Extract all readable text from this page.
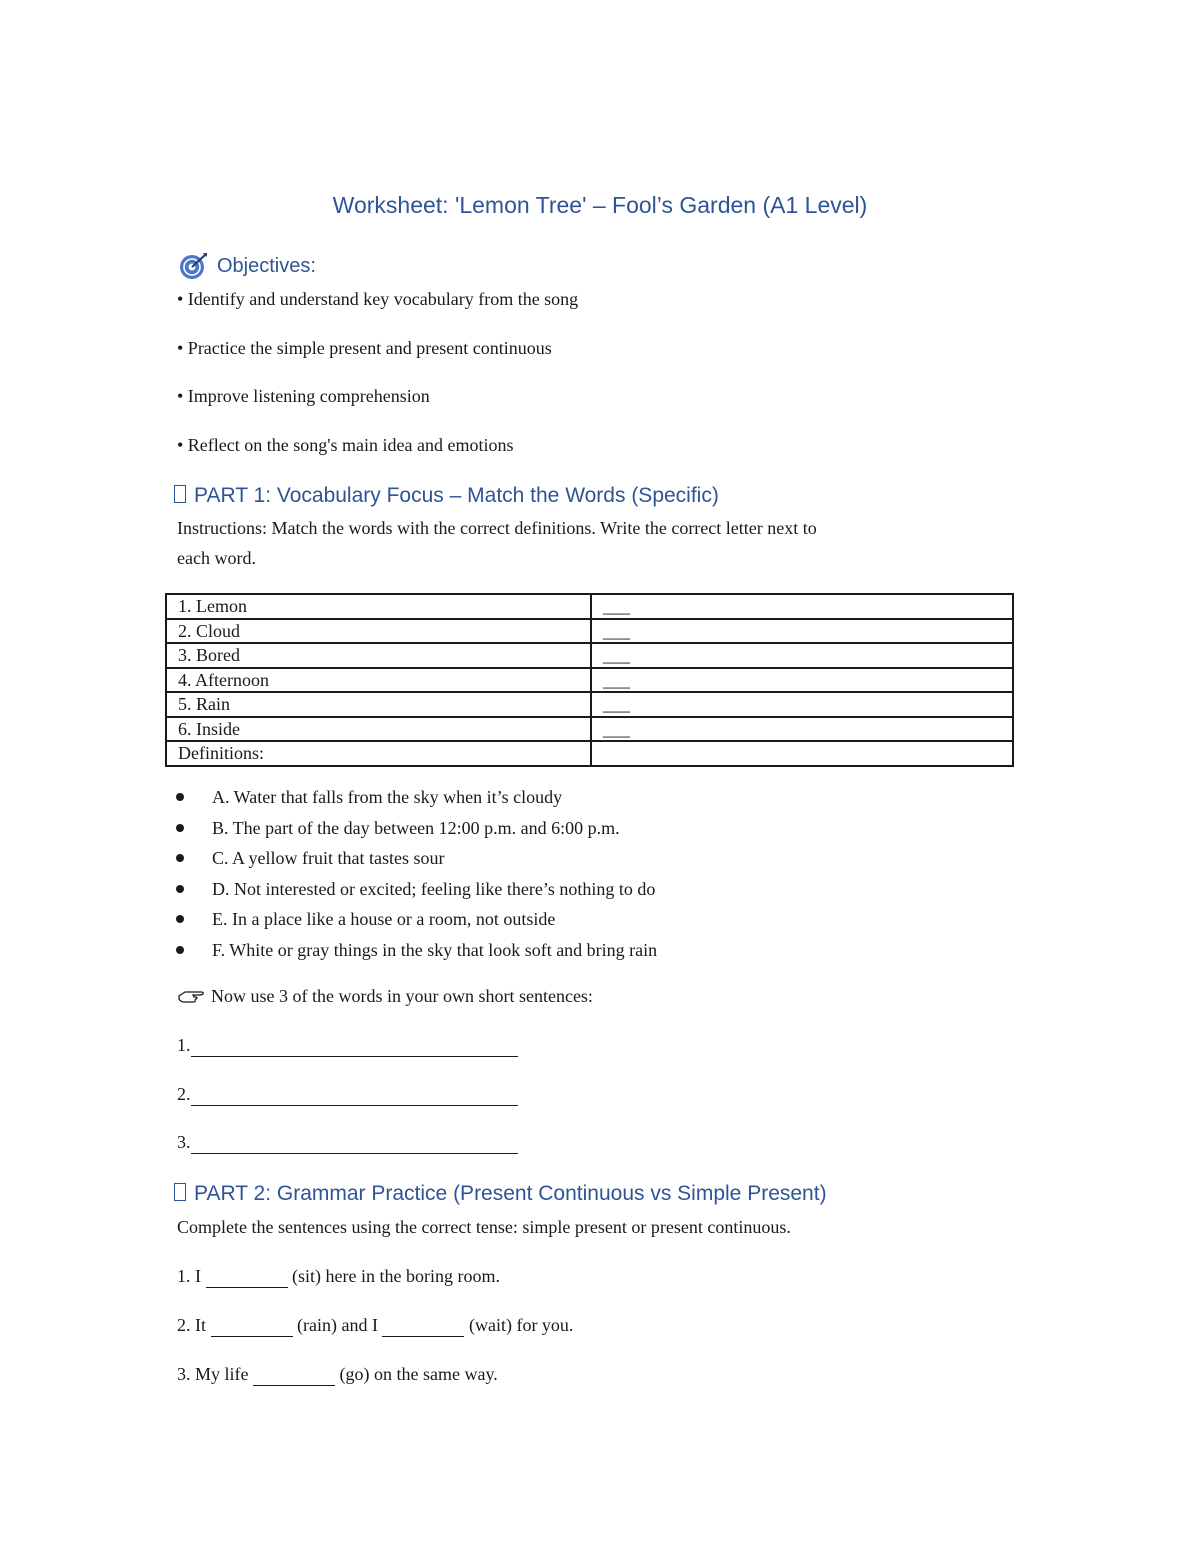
Worksheet: 'Lemon Tree' – Fool’s Garden (A1 Level)
Objectives:
• Identify and understand key vocabulary from the song
• Practice the simple present and present continuous
• Improve listening comprehension
• Reflect on the song's main idea and emotions
PART 1: Vocabulary Focus – Match the Words (Specific)
Instructions: Match the words with the correct definitions. Write the correct letter next to
each word.
1. Lemon	___
2. Cloud	___
3. Bored	___
4. Afternoon	___
5. Rain	___
6. Inside	___
Definitions:	
A. Water that falls from the sky when it’s cloudy
B. The part of the day between 12:00 p.m. and 6:00 p.m.
C. A yellow fruit that tastes sour
D. Not interested or excited; feeling like there’s nothing to do
E. In a place like a house or a room, not outside
F. White or gray things in the sky that look soft and bring rain
Now use 3 of the words in your own short sentences:
1.
2.
3.
PART 2: Grammar Practice (Present Continuous vs Simple Present)
Complete the sentences using the correct tense: simple present or present continuous.
1. I	(sit) here in the boring room.
2. It	(rain) and I	(wait) for you.
3. My life	(go) on the same way.
